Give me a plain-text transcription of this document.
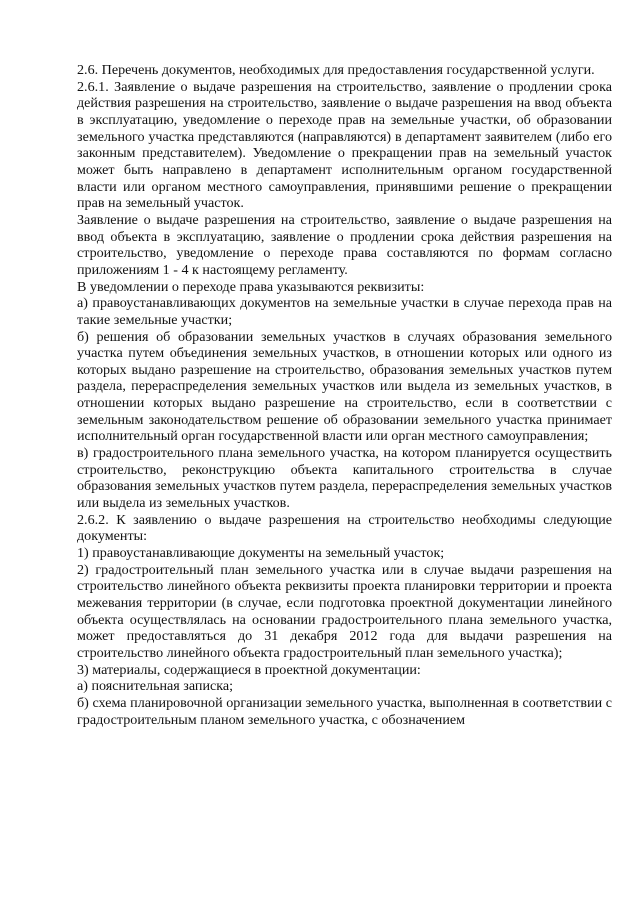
2.6. Перечень документов, необходимых для предоставления государственной услуги.

2.6.1. Заявление о выдаче разрешения на строительство, заявление о продлении срока действия разрешения на строительство, заявление о выдаче разрешения на ввод объекта в эксплуатацию, уведомление о переходе прав на земельные участки, об образовании земельного участка представляются (направляются) в департамент заявителем (либо его законным представителем). Уведомление о прекращении прав на земельный участок может быть направлено в департамент исполнительным органом государственной власти или органом местного самоуправления, принявшими решение о прекращении прав на земельный участок.

Заявление о выдаче разрешения на строительство, заявление о выдаче разрешения на ввод объекта в эксплуатацию, заявление о продлении срока действия разрешения на строительство, уведомление о переходе права составляются по формам согласно приложениям 1 - 4 к настоящему регламенту.

В уведомлении о переходе права указываются реквизиты:

а) правоустанавливающих документов на земельные участки в случае перехода прав на такие земельные участки;

б) решения об образовании земельных участков в случаях образования земельного участка путем объединения земельных участков, в отношении которых или одного из которых выдано разрешение на строительство, образования земельных участков путем раздела, перераспределения земельных участков или выдела из земельных участков, в отношении которых выдано разрешение на строительство, если в соответствии с земельным законодательством решение об образовании земельного участка принимает исполнительный орган государственной власти или орган местного самоуправления;

в) градостроительного плана земельного участка, на котором планируется осуществить строительство, реконструкцию объекта капитального строительства в случае образования земельных участков путем раздела, перераспределения земельных участков или выдела из земельных участков.

2.6.2. К заявлению о выдаче разрешения на строительство необходимы следующие документы:

1) правоустанавливающие документы на земельный участок;

2) градостроительный план земельного участка или в случае выдачи разрешения на строительство линейного объекта реквизиты проекта планировки территории и проекта межевания территории (в случае, если подготовка проектной документации линейного объекта осуществлялась на основании градостроительного плана земельного участка, может предоставляться до 31 декабря 2012 года для выдачи разрешения на строительство линейного объекта градостроительный план земельного участка);

3) материалы, содержащиеся в проектной документации:

а) пояснительная записка;

б) схема планировочной организации земельного участка, выполненная в соответствии с градостроительным планом земельного участка, с обозначением
